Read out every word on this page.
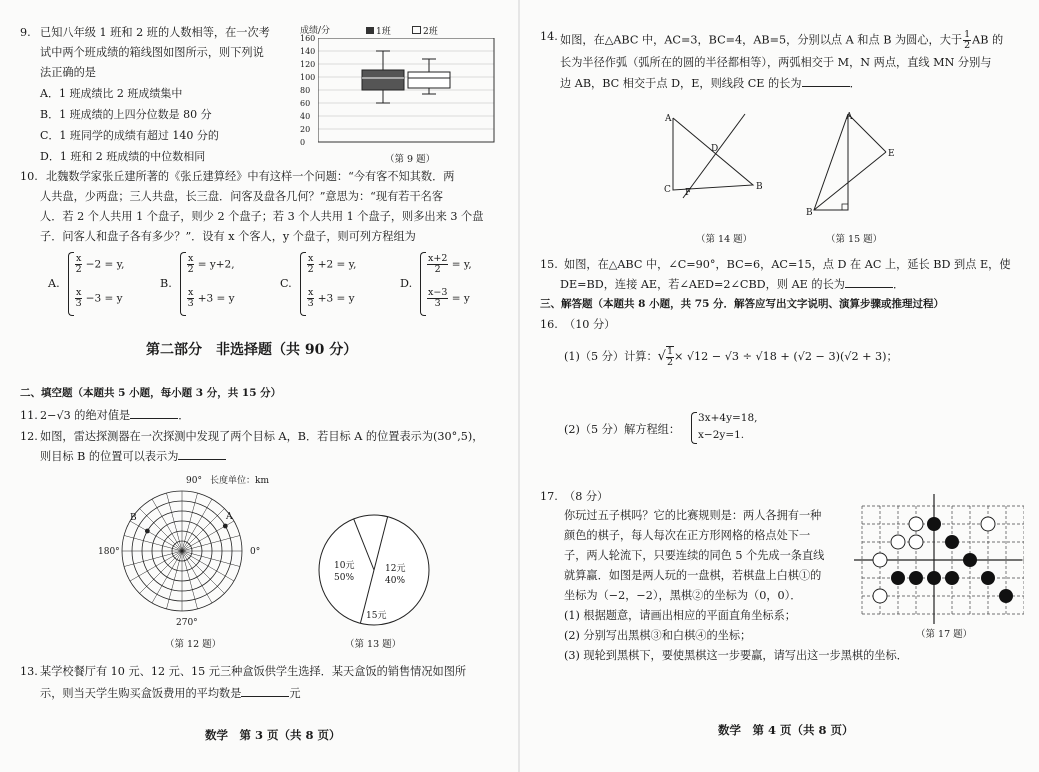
9. 已知八年级 1 班和 2 班的人数相等，在一次考
试中两个班成绩的箱线图如图所示，则下列说
法正确的是
A．1 班成绩比 2 班成绩集中
B．1 班成绩的上四分位数是 80 分
C．1 班同学的成绩有超过 140 分的
D．1 班和 2 班成绩的中位数相同
成绩/分	1班	2班
160
140
120
100
80
60
40
20
0
（第 9 题）
10. 北魏数学家张丘建所著的《张丘建算经》中有这样一个问题：“今有客不知其数．两
人共盘，少两盘；三人共盘，长三盘．问客及盘各几何？”意思为：“现有若干名客
人．若 2 个人共用 1 个盘子，则少 2 个盘子；若 3 个人共用 1 个盘子，则多出来 3 个盘
子．问客人和盘子各有多少？”．设有 x 个客人，y 个盘子，则可列方程组为
A.
$\frac{x}{2} -2 = y$,
$\frac{x}{3} -3 = y$
B.
$\frac{x}{2} = y+2$,
$\frac{x}{3} +3 = y$
C.
$\frac{x}{2} +2 = y$,
$\frac{x}{3} +3 = y$
D.
$\frac{x+2}{2} = y$,
$\frac{x-3}{3} = y$
第二部分　非选择题（共 90 分）
二、填空题（本题共 5 小题，每小题 3 分，共 15 分）
11. 2−√3 的绝对值是	．
12. 如图，雷达探测器在一次探测中发现了两个目标 A，B．若目标 A 的位置表示为(30°,5)，
则目标 B 的位置可以表示为
90°
180°	0°
270°
长度单位：km
A
B
（第 12 题）
10元
50%
12元
40%
15元
（第 13 题）
13. 某学校餐厅有 10 元、12 元、15 元三种盒饭供学生选择．某天盒饭的销售情况如图所
示，则当天学生购买盒饭费用的平均数是	元
数学　第 3 页（共 8 页）
14. 如图，在△ABC 中，AC=3，BC=4，AB=5，分别以点 A 和点 B 为圆心，大于 $\frac{1}{2}$ AB 的
长为半径作弧（弧所在的圆的半径都相等），两弧相交于 M，N 两点，直线 MN 分别与
边 AB，BC 相交于点 D，E，则线段 CE 的长为	．
A
C	B
D
F
（第 14 题）
A
E
B
（第 15 题）
15. 如图，在△ABC 中，∠C=90°，BC=6，AC=15，点 D 在 AC 上，延长 BD 到点 E，使
DE=BD，连接 AE，若∠AED=2∠CBD，则 AE 的长为	．
三、解答题（本题共 8 小题，共 75 分．解答应写出文字说明、演算步骤或推理过程）
16. （10 分）
(1)（5 分）计算：√ $\frac{1}{2} \times √12 - √3 \div √18 + (√2 - 3)(√2 + 3)$；
(2)（5 分）解方程组：
3x+4y=18,
x−2y=1.
17. （8 分）
你玩过五子棋吗？它的比赛规则是：两人各拥有一种
颜色的棋子，每人每次在正方形网格的格点处下一
子，两人轮流下，只要连续的同色 5 个先成一条直线
就算赢．如图是两人玩的一盘棋，若棋盘上白棋①的
坐标为（−2，−2），黑棋②的坐标为（0，0）．
(1) 根据题意，请画出相应的平面直角坐标系；
(2) 分别写出黑棋③和白棋④的坐标；
(3) 现轮到黑棋下，要使黑棋这一步要赢，请写出这一步黑棋的坐标．
（第 17 题）
数学　第 4 页（共 8 页）
